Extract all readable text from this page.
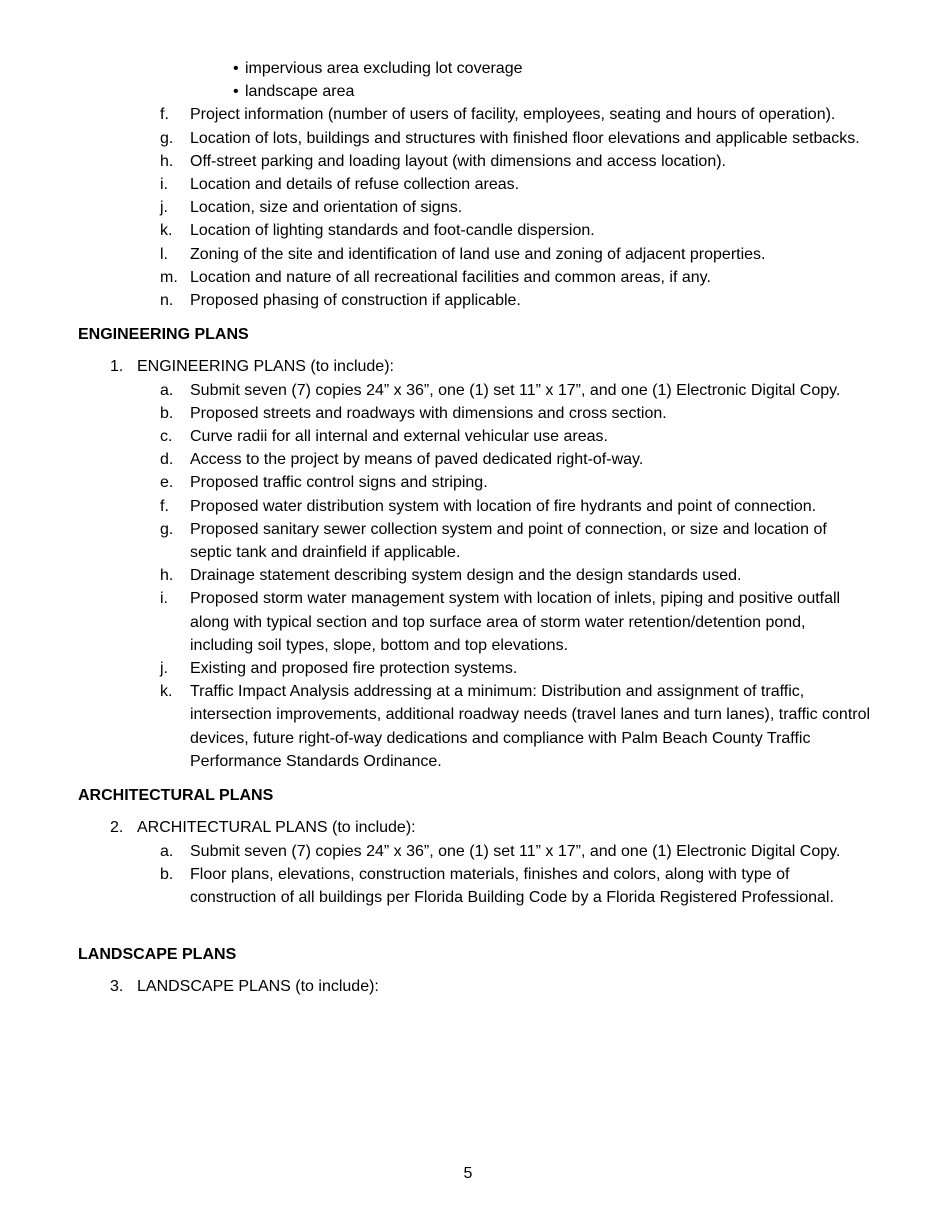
• impervious area excluding lot coverage
• landscape area
f.	Project information (number of users of facility, employees, seating and hours of operation).
g.	Location of lots, buildings and structures with finished floor elevations and applicable setbacks.
h.	Off-street parking and loading layout (with dimensions and access location).
i.	Location and details of refuse collection areas.
j.	Location, size and orientation of signs.
k.	Location of lighting standards and foot-candle dispersion.
l.	Zoning of the site and identification of land use and zoning of adjacent properties.
m. Location and nature of all recreational facilities and common areas, if any.
n.	Proposed phasing of construction if applicable.
ENGINEERING PLANS
1. ENGINEERING PLANS (to include):
a.	Submit seven (7) copies 24” x 36”, one (1) set 11” x 17”, and one (1) Electronic Digital Copy.
b.	Proposed streets and roadways with dimensions and cross section.
c.	Curve radii for all internal and external vehicular use areas.
d.	Access to the project by means of paved dedicated right-of-way.
e.	Proposed traffic control signs and striping.
f.	Proposed water distribution system with location of fire hydrants and point of connection.
g.	Proposed sanitary sewer collection system and point of connection, or size and location of septic tank and drainfield if applicable.
h.	Drainage statement describing system design and the design standards used.
i.	Proposed storm water management system with location of inlets, piping and positive outfall along with typical section and top surface area of storm water retention/detention pond, including soil types, slope, bottom and top elevations.
j.	Existing and proposed fire protection systems.
k.	Traffic Impact Analysis addressing at a minimum: Distribution and assignment of traffic, intersection improvements, additional roadway needs (travel lanes and turn lanes), traffic control devices, future right-of-way dedications and compliance with Palm Beach County Traffic Performance Standards Ordinance.
ARCHITECTURAL PLANS
2. ARCHITECTURAL PLANS (to include):
a.	Submit seven (7) copies 24” x 36”, one (1) set 11” x 17”, and one (1) Electronic Digital Copy.
b.	Floor plans, elevations, construction materials, finishes and colors, along with type of construction of all buildings per Florida Building Code by a Florida Registered Professional.
LANDSCAPE PLANS
3. LANDSCAPE PLANS (to include):
5
